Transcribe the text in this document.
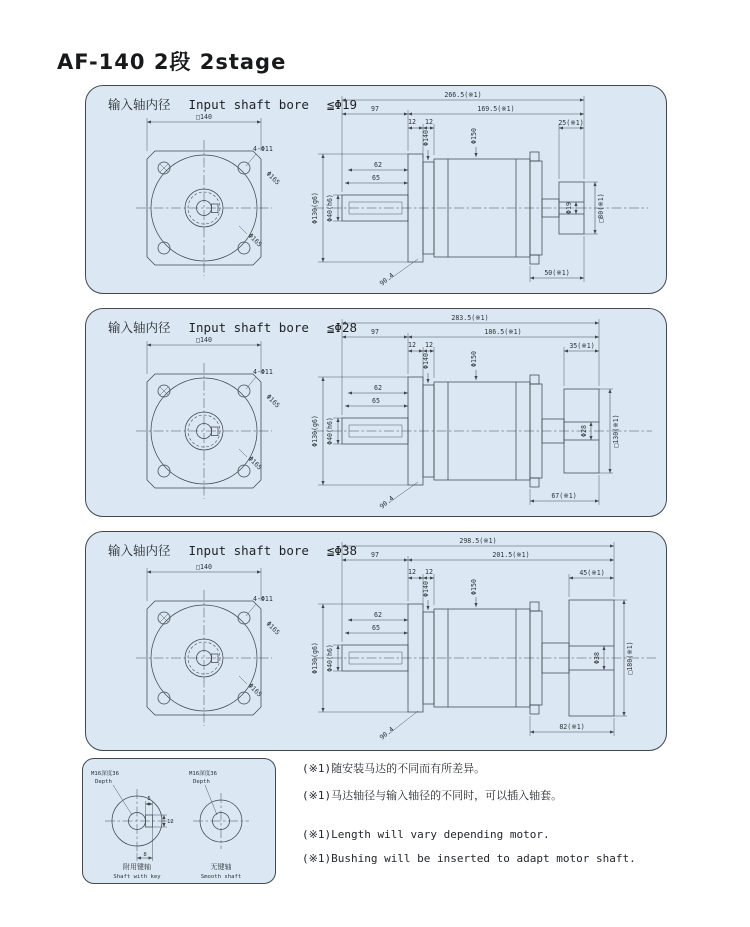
AF-140 2段 2stage
输入轴内径 Input shaft bore ≦Φ19
□140
4-Φ11
Φ165
Φ165
266.5(※1)
97	169.5(※1)
12 12
Φ140	Φ150
25(※1)
62
65
Φ130(g6) Φ40(h6)	Φ19	□80(※1)
50(※1)
90.4
输入轴内径 Input shaft bore ≦Φ28
□140
4-Φ11
Φ165
Φ165
283.5(※1)
97	186.5(※1)
12 12
Φ140	Φ150
35(※1)
62
65
Φ130(g6) Φ40(h6)	Φ28	□130(※1)
67(※1)
90.4
输入轴内径 Input shaft bore ≦Φ38
□140
4-Φ11
Φ165
Φ165
298.5(※1)
97	201.5(※1)
12 12
Φ140	Φ150
45(※1)
62
65
Φ130(g6) Φ40(h6)	Φ38	□180(※1)
82(※1)
90.4
5
12
8
M16深度36
Depth
附用键轴
Shaft with key
M16深度36
Depth
无键轴
Smooth shaft
(※1)随安装马达的不同而有所差异。
(※1)马达轴径与输入轴径的不同时，可以插入轴套。
(※1)Length will vary depending motor.
(※1)Bushing will be inserted to adapt motor shaft.
